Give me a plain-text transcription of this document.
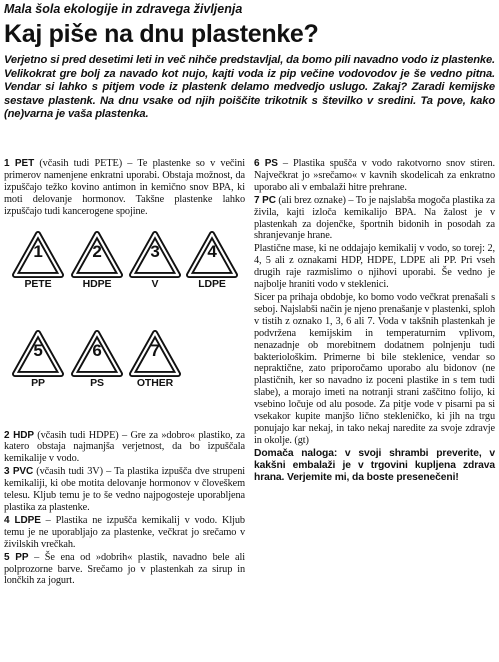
Mala šola ekologije in zdravega življenja
Kaj piše na dnu plastenke?
Verjetno si pred desetimi leti in več nihče predstavljal, da bomo pili navadno vodo iz plastenke. Velikokrat gre bolj za navado kot nujo, kajti voda iz pip večine vodovodov je še vedno pitna. Vendar si lahko s pitjem vode iz plastenk delamo medvedjo uslugo. Zakaj? Zaradi kemijske sestave plastenk. Na dnu vsake od njih poiščite trikotnik s številko v sredini. Ta pove, kako (ne)varna je vaša plastenka.

1 PET (včasih tudi PETE) – Te plastenke so v večini primerov namenjene enkratni uporabi. Obstaja možnost, da izpuščajo težko kovino antimon in kemično snov BPA, ki moti delovanje hormonov. Takšne plastenke lahko izpuščajo tudi kancerogene spojine.

1
PETE
2
HDPE
3
V
4
LDPE
5
PP
6
PS
7
OTHER

2 HDP (včasih tudi HDPE) – Gre za »dobro« plastiko, za katero obstaja najmanjša verjetnost, da bo izpuščala kemikalije v vodo.

3 PVC (včasih tudi 3V) – Ta plastika izpušča dve strupeni kemikaliji, ki obe motita delovanje hormonov v človeškem telesu. Kljub temu je to še vedno najpogosteje uporabljena plastika za plastenke.

4 LDPE – Plastika ne izpušča kemikalij v vodo. Kljub temu je ne uporabljajo za plastenke, večkrat jo srečamo v živilskih vrečkah.

5 PP – Še ena od »dobrih« plastik, navadno bele ali polprozorne barve. Srečamo jo v plastenkah za sirup in lončkih za jogurt.

6 PS – Plastika spušča v vodo rakotvorno snov stiren. Največkrat jo »srečamo« v kavnih skodelicah za enkratno uporabo ali v embalaži hitre prehrane.

7 PC (ali brez oznake) – To je najslabša mogoča plastika za živila, kajti izloča kemikalijo BPA. Na žalost je v plastenkah za dojenčke, športnih bidonih in posodah za shranjevanje hrane.

Plastične mase, ki ne oddajajo kemikalij v vodo, so torej: 2, 4, 5 ali z oznakami HDP, HDPE, LDPE ali PP. Pri vseh drugih raje razmislimo o njihovi uporabi. Še vedno je najbolje hraniti vodo v steklenici.

Sicer pa prihaja obdobje, ko bomo vodo večkrat prenašali s seboj. Najslabši način je njeno prenašanje v plastenki, sploh v tistih z oznako 1, 3, 6 ali 7. Voda v takšnih plastenkah je podvržena kemijskim in temperaturnim vplivom, nenazadnje ob morebitnem dodatnem polnjenju tudi bakteriološkim. Primerne bi bile steklenice, vendar so nepraktične, zato priporočamo uporabo alu bidonov (ne plastičnih, ker so navadno iz poceni plastike in s tem tudi slabe), a morajo imeti na notranji strani zaščitno folijo, ki vsebino ločuje od alu posode. Za pitje vode v pisarni pa si vsekakor kupite manjšo lično stekleničko, ki jih na trgu ponujajo kar nekaj, in tako nekaj naredite za svoje zdravje in okolje. (gt)

Domača naloga: v svoji shrambi preverite, v kakšni embalaži je v trgovini kupljena zdrava hrana. Verjemite mi, da boste presenečeni!
